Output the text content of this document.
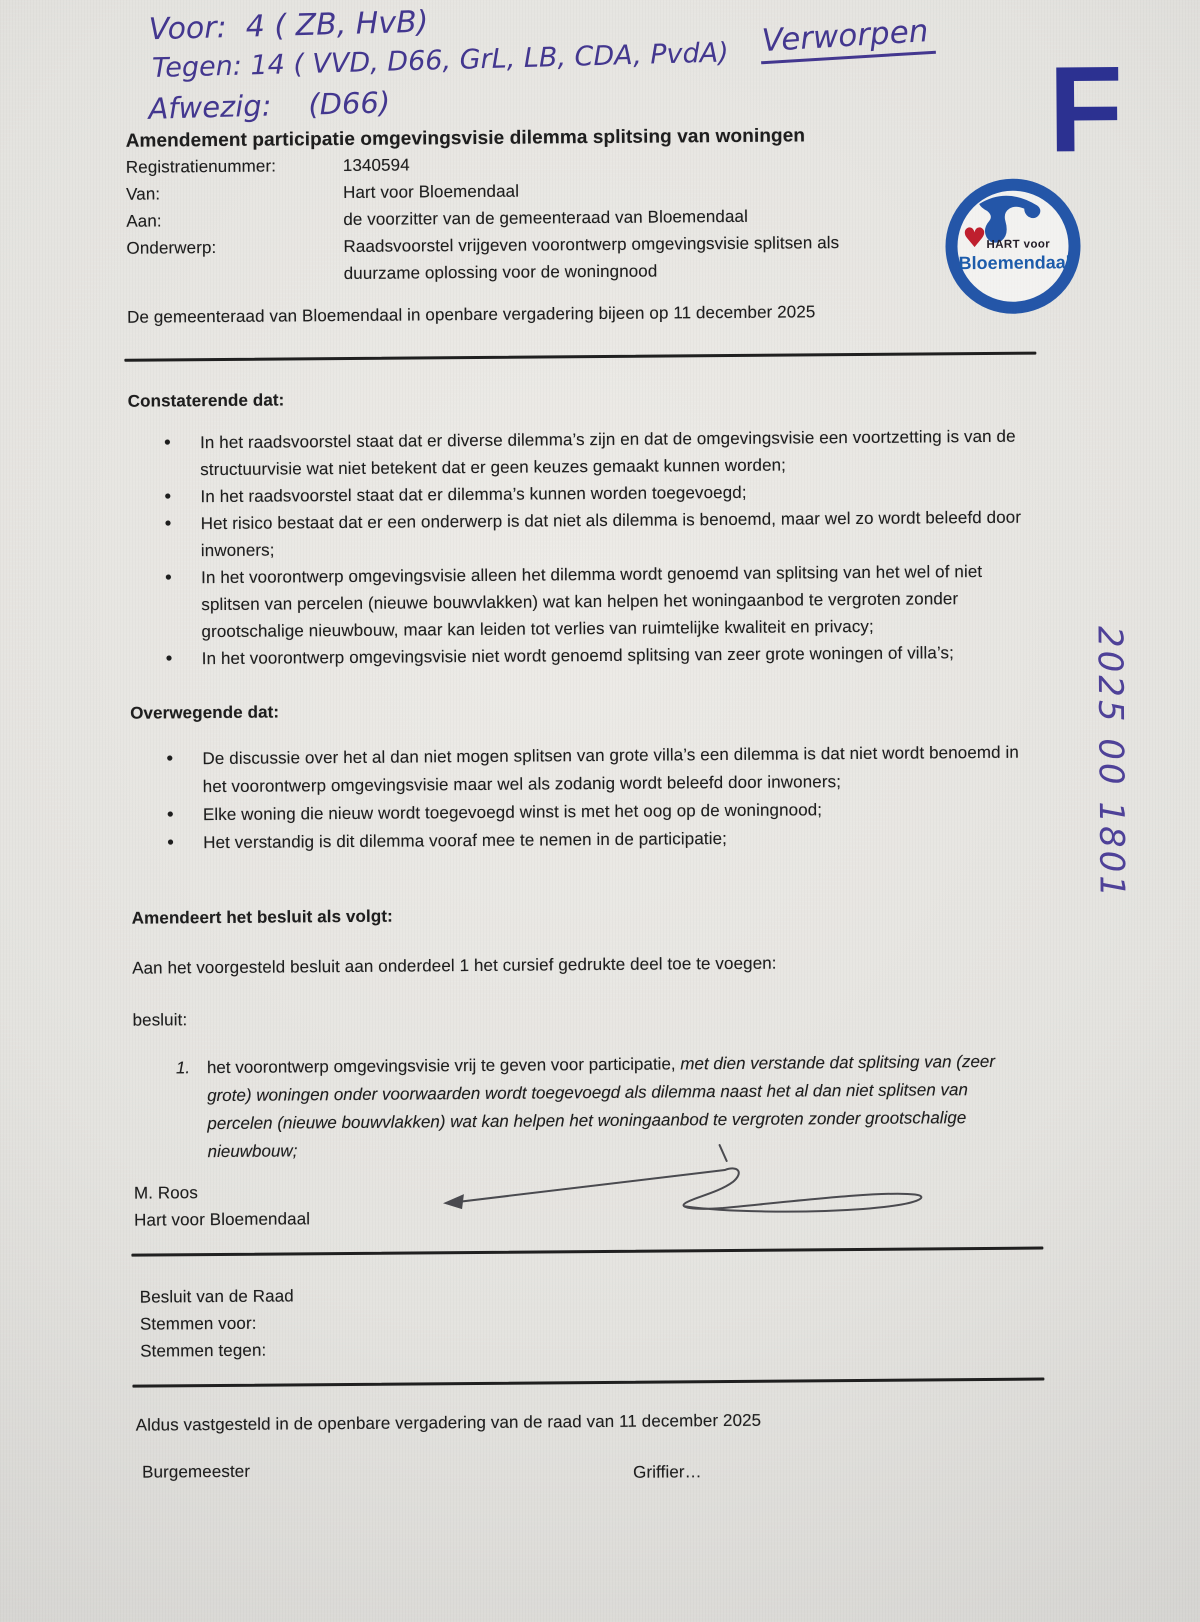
Voor:  4 ( ZB, HvB)
Tegen: 14 ( VVD, D66, GrL, LB, CDA, PvdA)
Afwezig:    (D66)
Verworpen
F
2025 00 1801
Amendement participatie omgevingsvisie dilemma splitsing van woningen
Registratienummer:	1340594
Van:	Hart voor Bloemendaal
Aan:	de voorzitter van de gemeenteraad van Bloemendaal
Onderwerp:	Raadsvoorstel vrijgeven voorontwerp omgevingsvisie splitsen als duurzame oplossing voor de woningnood
♥ HART voor
Bloemendaal
De gemeenteraad van Bloemendaal in openbare vergadering bijeen op 11 december 2025
Constaterende dat:
• In het raadsvoorstel staat dat er diverse dilemma’s zijn en dat de omgevingsvisie een voortzetting is van de structuurvisie wat niet betekent dat er geen keuzes gemaakt kunnen worden;
• In het raadsvoorstel staat dat er dilemma’s kunnen worden toegevoegd;
• Het risico bestaat dat er een onderwerp is dat niet als dilemma is benoemd, maar wel zo wordt beleefd door inwoners;
• In het voorontwerp omgevingsvisie alleen het dilemma wordt genoemd van splitsing van het wel of niet splitsen van percelen (nieuwe bouwvlakken) wat kan helpen het woningaanbod te vergroten zonder grootschalige nieuwbouw, maar kan leiden tot verlies van ruimtelijke kwaliteit en privacy;
• In het voorontwerp omgevingsvisie niet wordt genoemd splitsing van zeer grote woningen of villa’s;
Overwegende dat:
• De discussie over het al dan niet mogen splitsen van grote villa’s een dilemma is dat niet wordt benoemd in het voorontwerp omgevingsvisie maar wel als zodanig wordt beleefd door inwoners;
• Elke woning die nieuw wordt toegevoegd winst is met het oog op de woningnood;
• Het verstandig is dit dilemma vooraf mee te nemen in de participatie;
Amendeert het besluit als volgt:
Aan het voorgesteld besluit aan onderdeel 1 het cursief gedrukte deel toe te voegen:
besluit:
1. het voorontwerp omgevingsvisie vrij te geven voor participatie, met dien verstande dat splitsing van (zeer grote) woningen onder voorwaarden wordt toegevoegd als dilemma naast het al dan niet splitsen van percelen (nieuwe bouwvlakken) wat kan helpen het woningaanbod te vergroten zonder grootschalige nieuwbouw;
M. Roos
Hart voor Bloemendaal
Besluit van de Raad
Stemmen voor:
Stemmen tegen:
Aldus vastgesteld in de openbare vergadering van de raad van 11 december 2025
Burgemeester	Griffier…
